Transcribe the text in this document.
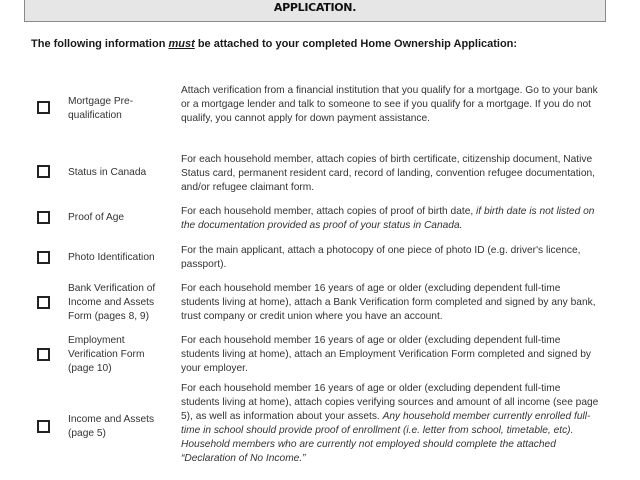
APPLICATION.
The following information must be attached to your completed Home Ownership Application:
Mortgage Pre-qualification
Attach verification from a financial institution that you qualify for a mortgage. Go to your bank or a mortgage lender and talk to someone to see if you qualify for a mortgage. If you do not qualify, you cannot apply for down payment assistance.
Status in Canada
For each household member, attach copies of birth certificate, citizenship document, Native Status card, permanent resident card, record of landing, convention refugee documentation, and/or refugee claimant form.
Proof of Age
For each household member, attach copies of proof of birth date, if birth date is not listed on the documentation provided as proof of your status in Canada.
Photo Identification
For the main applicant, attach a photocopy of one piece of photo ID (e.g. driver's licence, passport).
Bank Verification of Income and Assets Form (pages 8, 9)
For each household member 16 years of age or older (excluding dependent full-time students living at home), attach a Bank Verification form completed and signed by any bank, trust company or credit union where you have an account.
Employment Verification Form (page 10)
For each household member 16 years of age or older (excluding dependent full-time students living at home), attach an Employment Verification Form completed and signed by your employer.
Income and Assets (page 5)
For each household member 16 years of age or older (excluding dependent full-time students living at home), attach copies verifying sources and amount of all income (see page 5), as well as information about your assets. Any household member currently enrolled full-time in school should provide proof of enrollment (i.e. letter from school, timetable, etc). Household members who are currently not employed should complete the attached “Declaration of No Income.”
